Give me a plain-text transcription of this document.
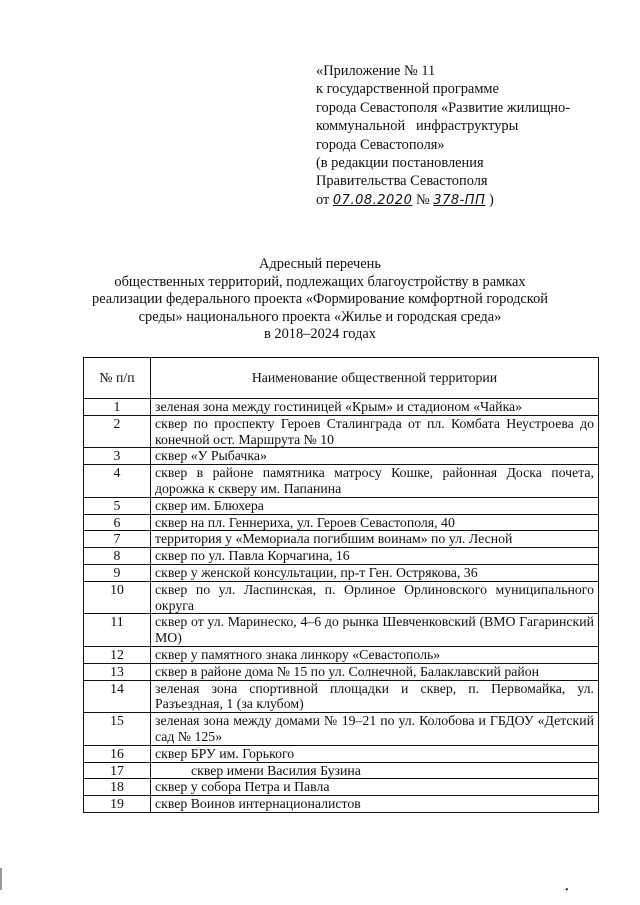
«Приложение № 11
к государственной программе
города Севастополя «Развитие жилищно-
коммунальной   инфраструктуры
города Севастополя»
(в редакции постановления
Правительства Севастополя
от 07.08.2020 № 378-ПП )
Адресный перечень
общественных территорий, подлежащих благоустройству в рамках
реализации федерального проекта «Формирование комфортной городской
среды» национального проекта «Жилье и городская среда»
в 2018–2024 годах
№ п/п	Наименование общественной территории
1	зеленая зона между гостиницей «Крым» и стадионом «Чайка»
2	сквер по проспекту Героев Сталинграда от пл. Комбата Неустроева до конечной ост. Маршрута № 10
3	сквер «У Рыбачка»
4	сквер в районе памятника матросу Кошке, районная Доска почета, дорожка к скверу им. Папанина
5	сквер им. Блюхера
6	сквер на пл. Геннериха, ул. Героев Севастополя, 40
7	территория у «Мемориала погибшим воинам» по ул. Лесной
8	сквер по ул. Павла Корчагина, 16
9	сквер у женской консультации, пр-т Ген. Острякова, 36
10	сквер по ул. Ласпинская, п. Орлиное Орлиновского муниципального округа
11	сквер от ул. Маринеско, 4–6 до рынка Шевченковский (ВМО Гагаринский МО)
12	сквер у памятного знака линкору «Севастополь»
13	сквер в районе дома № 15 по ул. Солнечной, Балаклавский район
14	зеленая зона спортивной площадки и сквер, п. Первомайка, ул. Разъездная, 1 (за клубом)
15	зеленая зона между домами № 19–21 по ул. Колобова и ГБДОУ «Детский сад № 125»
16	сквер БРУ им. Горького
17	сквер имени Василия Бузина
18	сквер у собора Петра и Павла
19	сквер Воинов интернационалистов
•
